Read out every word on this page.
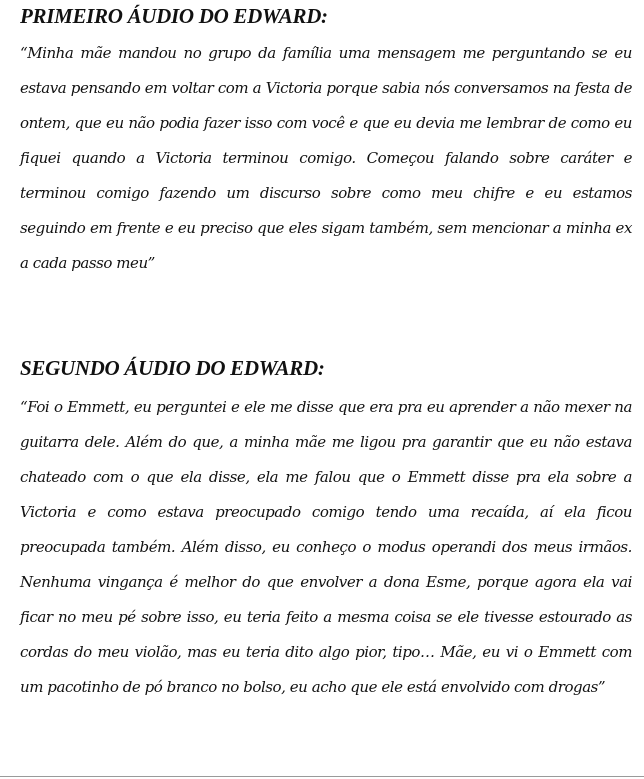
PRIMEIRO ÁUDIO DO EDWARD:

“Minha mãe mandou no grupo da família uma mensagem me perguntando se eu estava pensando em voltar com a Victoria porque sabia nós conversamos na festa de ontem, que eu não podia fazer isso com você e que eu devia me lembrar de como eu fiquei quando a Victoria terminou comigo. Começou falando sobre caráter e terminou comigo fazendo um discurso sobre como meu chifre e eu estamos seguindo em frente e eu preciso que eles sigam também, sem mencionar a minha ex a cada passo meu”

SEGUNDO ÁUDIO DO EDWARD:

“Foi o Emmett, eu perguntei e ele me disse que era pra eu aprender a não mexer na guitarra dele. Além do que, a minha mãe me ligou pra garantir que eu não estava chateado com o que ela disse, ela me falou que o Emmett disse pra ela sobre a Victoria e como estava preocupado comigo tendo uma recaída, aí ela ficou preocupada também. Além disso, eu conheço o modus operandi dos meus irmãos. Nenhuma vingança é melhor do que envolver a dona Esme, porque agora ela vai ficar no meu pé sobre isso, eu teria feito a mesma coisa se ele tivesse estourado as cordas do meu violão, mas eu teria dito algo pior, tipo… Mãe, eu vi o Emmett com um pacotinho de pó branco no bolso, eu acho que ele está envolvido com drogas”
